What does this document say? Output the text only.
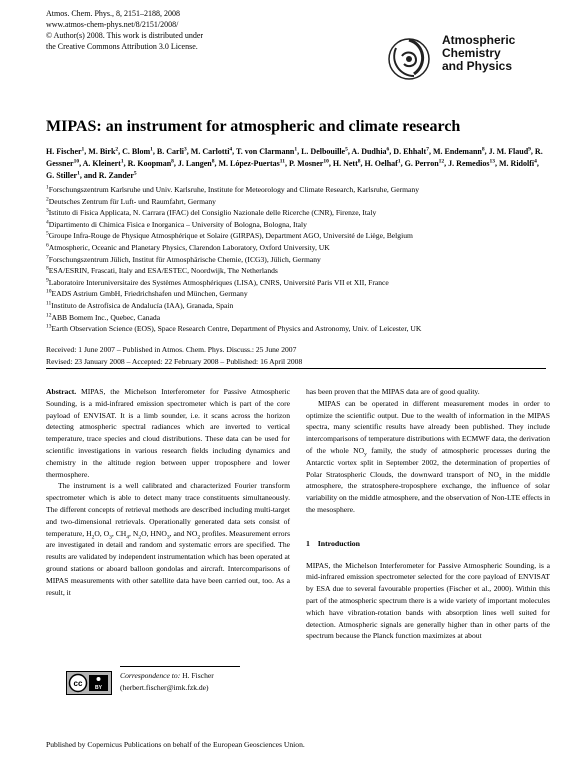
Atmos. Chem. Phys., 8, 2151–2188, 2008
www.atmos-chem-phys.net/8/2151/2008/
© Author(s) 2008. This work is distributed under
the Creative Commons Attribution 3.0 License.	Atmospheric
Chemistry
and Physics
MIPAS: an instrument for atmospheric and climate research
H. Fischer$^1$, M. Birk$^2$, C. Blom$^1$, B. Carli$^3$, M. Carlotti$^4$, T. von Clarmann$^1$, L. Delbouille$^5$, A. Dudhia$^6$, D. Ehhalt$^7$, M. Endemann$^8$, J. M. Flaud$^9$, R. Gessner$^{10}$, A. Kleinert$^1$, R. Koopman$^8$, J. Langen$^8$, M. López-Puertas$^{11}$, P. Mosner$^{10}$, H. Nett$^8$, H. Oelhaf$^1$, G. Perron$^{12}$, J. Remedios$^{13}$, M. Ridolfi$^4$, G. Stiller$^1$, and R. Zander$^5$
$^1$Forschungszentrum Karlsruhe und Univ. Karlsruhe, Institute for Meteorology and Climate Research, Karlsruhe, Germany
$^2$Deutsches Zentrum für Luft- und Raumfahrt, Germany
$^3$Istituto di Fisica Applicata, N. Carrara (IFAC) del Consiglio Nazionale delle Ricerche (CNR), Firenze, Italy
$^4$Dipartimento di Chimica Fisica e Inorganica – University of Bologna, Bologna, Italy
$^5$Groupe Infra-Rouge de Physique Atmosphérique et Solaire (GIRPAS), Department AGO, Université de Liège, Belgium
$^6$Atmospheric, Oceanic and Planetary Physics, Clarendon Laboratory, Oxford University, UK
$^7$Forschungszentrum Jülich, Institut für Atmosphärische Chemie, (ICG3), Jülich, Germany
$^8$ESA/ESRIN, Frascati, Italy and ESA/ESTEC, Noordwijk, The Netherlands
$^9$Laboratoire Interuniversitaire des Systèmes Atmosphériques (LISA), CNRS, Université Paris VII et XII, France
$^{10}$EADS Astrium GmbH, Friedrichshafen und München, Germany
$^{11}$Instituto de Astrofísica de Andalucía (IAA), Granada, Spain
$^{12}$ABB Bomem Inc., Quebec, Canada
$^{13}$Earth Observation Science (EOS), Space Research Centre, Department of Physics and Astronomy, Univ. of Leicester, UK
Received: 1 June 2007 – Published in Atmos. Chem. Phys. Discuss.: 25 June 2007
Revised: 23 January 2008 – Accepted: 22 February 2008 – Published: 16 April 2008

Abstract. MIPAS, the Michelson Interferometer for Passive Atmospheric Sounding, is a mid-infrared emission spectrometer which is part of the core payload of ENVISAT. It is a limb sounder, i.e. it scans across the horizon detecting atmospheric spectral radiances which are inverted to vertical temperature, trace species and cloud distributions. These data can be used for scientific investigations in various research fields including dynamics and chemistry in the altitude region between upper troposphere and lower thermosphere.

The instrument is a well calibrated and characterized Fourier transform spectrometer which is able to detect many trace constituents simultaneously. The different concepts of retrieval methods are described including multi-target and two-dimensional retrievals. Operationally generated data sets consist of temperature, $H_2O$, $O_3$, $CH_4$, $N_2O$, $HNO_3$, and $NO_2$ profiles. Measurement errors are investigated in detail and random and systematic errors are specified. The results are validated by independent instrumentation which has been operated at ground stations or aboard balloon gondolas and aircraft. Intercomparisons of MIPAS measurements with other satellite data have been carried out, too. As a result, it

has been proven that the MIPAS data are of good quality.

MIPAS can be operated in different measurement modes in order to optimize the scientific output. Due to the wealth of information in the MIPAS spectra, many scientific results have already been published. They include intercomparisons of temperature distributions with ECMWF data, the derivation of the whole $NO_y$ family, the study of atmospheric processes during the Antarctic vortex split in September 2002, the determination of properties of Polar Stratospheric Clouds, the downward transport of $NO_x$ in the middle atmosphere, the stratosphere-troposphere exchange, the influence of solar variability on the middle atmosphere, and the observation of Non-LTE effects in the mesosphere.

1 Introduction

MIPAS, the Michelson Interferometer for Passive Atmospheric Sounding, is a mid-infrared emission spectrometer selected for the core payload of ENVISAT by ESA due to several favourable properties (Fischer et al., 2000). Within this part of the atmospheric spectrum there is a wide variety of important molecules which have vibration-rotation bands with absorption lines well suited for detection. Atmospheric signals are generally higher than in other parts of the spectrum because the Planck function maximizes at about

cc	BY
Correspondence to: H. Fischer
(herbert.fischer@imk.fzk.de)
Published by Copernicus Publications on behalf of the European Geosciences Union.
